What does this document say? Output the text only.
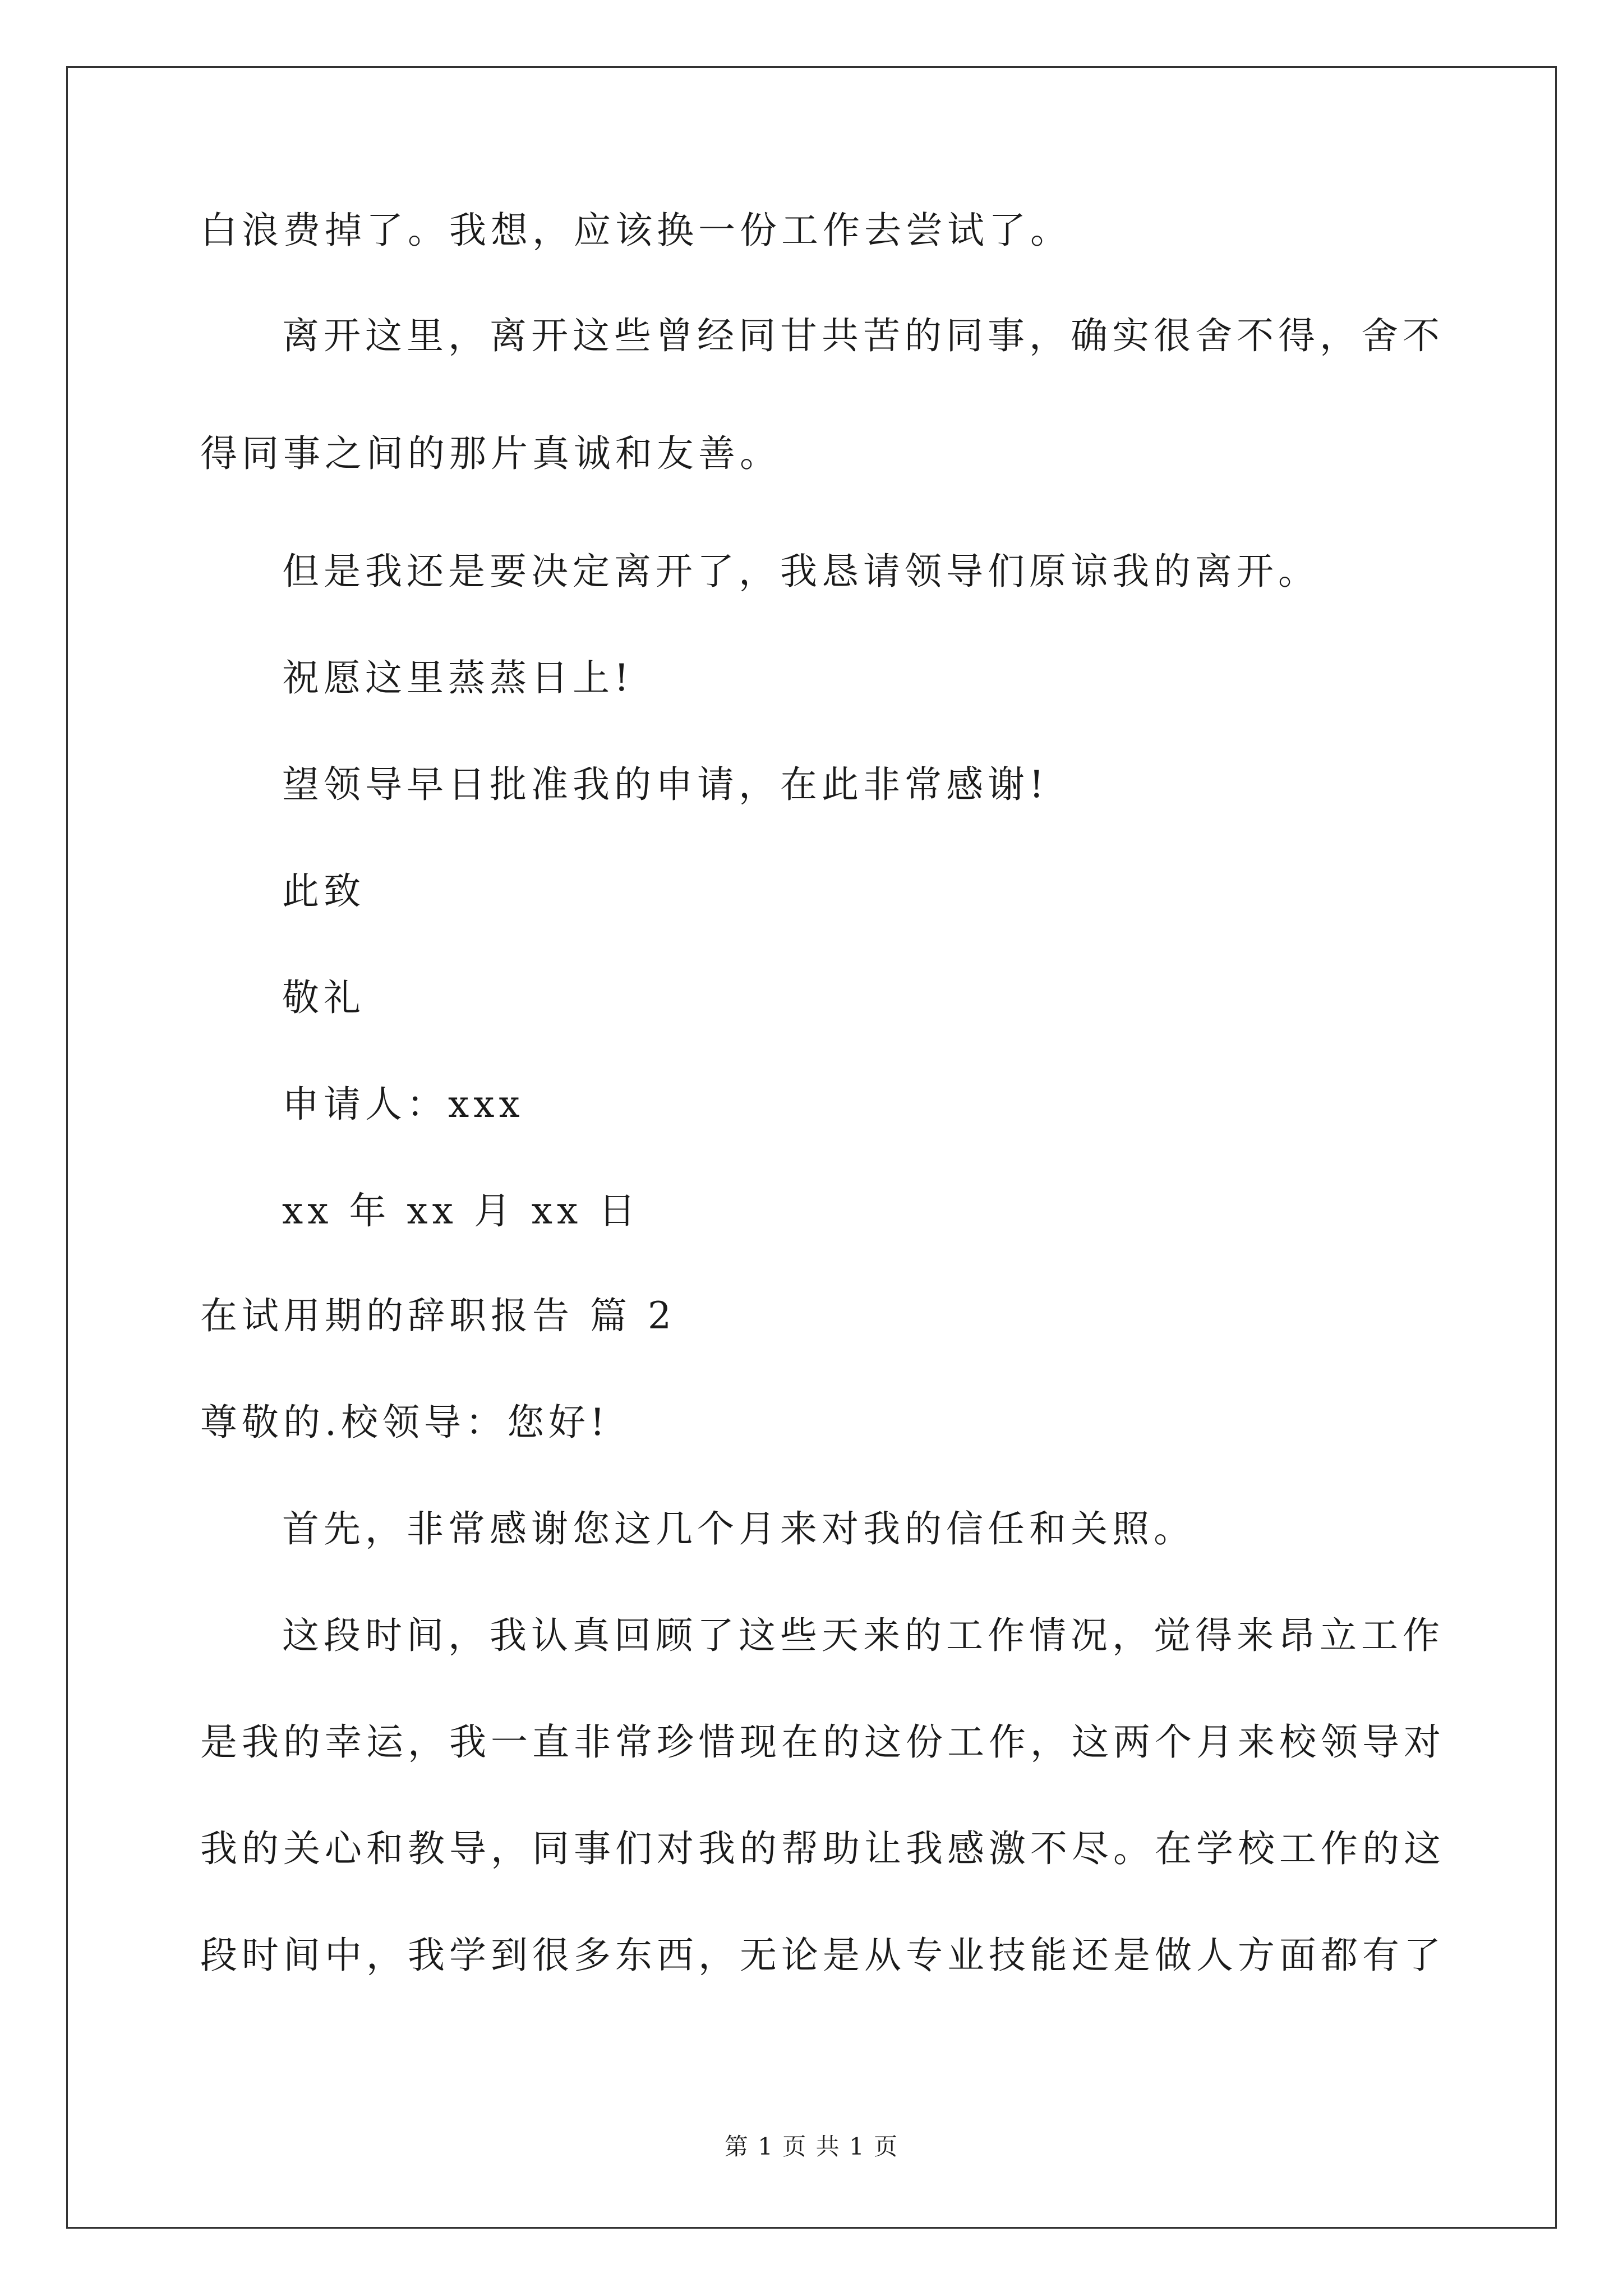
白浪费掉了。我想，应该换一份工作去尝试了。
离开这里，离开这些曾经同甘共苦的同事，确实很舍不得，舍不
得同事之间的那片真诚和友善。
但是我还是要决定离开了，我恳请领导们原谅我的离开。
祝愿这里蒸蒸日上!
望领导早日批准我的申请，在此非常感谢!
此致
敬礼
申请人：xxx
xx 年 xx 月 xx 日
在试用期的辞职报告 篇 2
尊敬的.校领导：您好!
首先，非常感谢您这几个月来对我的信任和关照。
这段时间，我认真回顾了这些天来的工作情况，觉得来昂立工作
是我的幸运，我一直非常珍惜现在的这份工作，这两个月来校领导对
我的关心和教导，同事们对我的帮助让我感激不尽。在学校工作的这
段时间中，我学到很多东西，无论是从专业技能还是做人方面都有了
第 1 页 共 1 页
